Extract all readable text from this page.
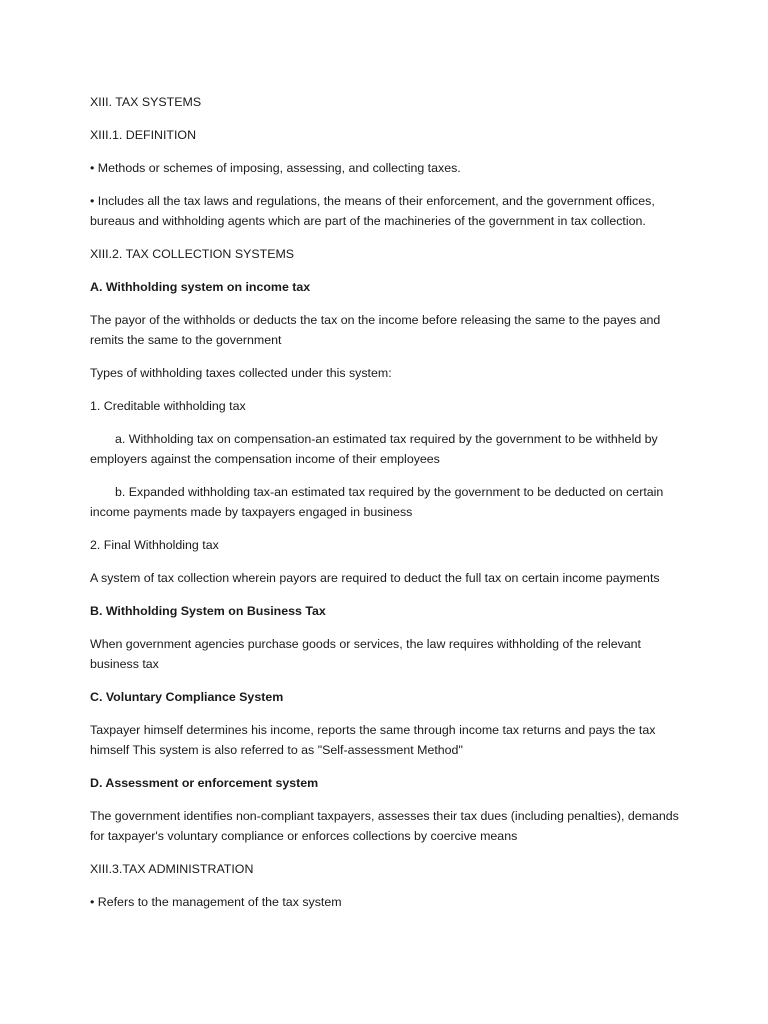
XIII. TAX SYSTEMS

XIII.1. DEFINITION

• Methods or schemes of imposing, assessing, and collecting taxes.

• Includes all the tax laws and regulations, the means of their enforcement, and the government offices, bureaus and withholding agents which are part of the machineries of the government in tax collection.

XIII.2. TAX COLLECTION SYSTEMS

A. Withholding system on income tax

The payor of the withholds or deducts the tax on the income before releasing the same to the payes and remits the same to the government

Types of withholding taxes collected under this system:

1. Creditable withholding tax

a. Withholding tax on compensation-an estimated tax required by the government to be withheld by employers against the compensation income of their employees

b. Expanded withholding tax-an estimated tax required by the government to be deducted on certain income payments made by taxpayers engaged in business

2. Final Withholding tax

A system of tax collection wherein payors are required to deduct the full tax on certain income payments

B. Withholding System on Business Tax

When government agencies purchase goods or services, the law requires withholding of the relevant business tax

C. Voluntary Compliance System

Taxpayer himself determines his income, reports the same through income tax returns and pays the tax himself This system is also referred to as "Self-assessment Method"

D. Assessment or enforcement system

The government identifies non-compliant taxpayers, assesses their tax dues (including penalties), demands for taxpayer's voluntary compliance or enforces collections by coercive means

XIII.3.TAX ADMINISTRATION

• Refers to the management of the tax system
